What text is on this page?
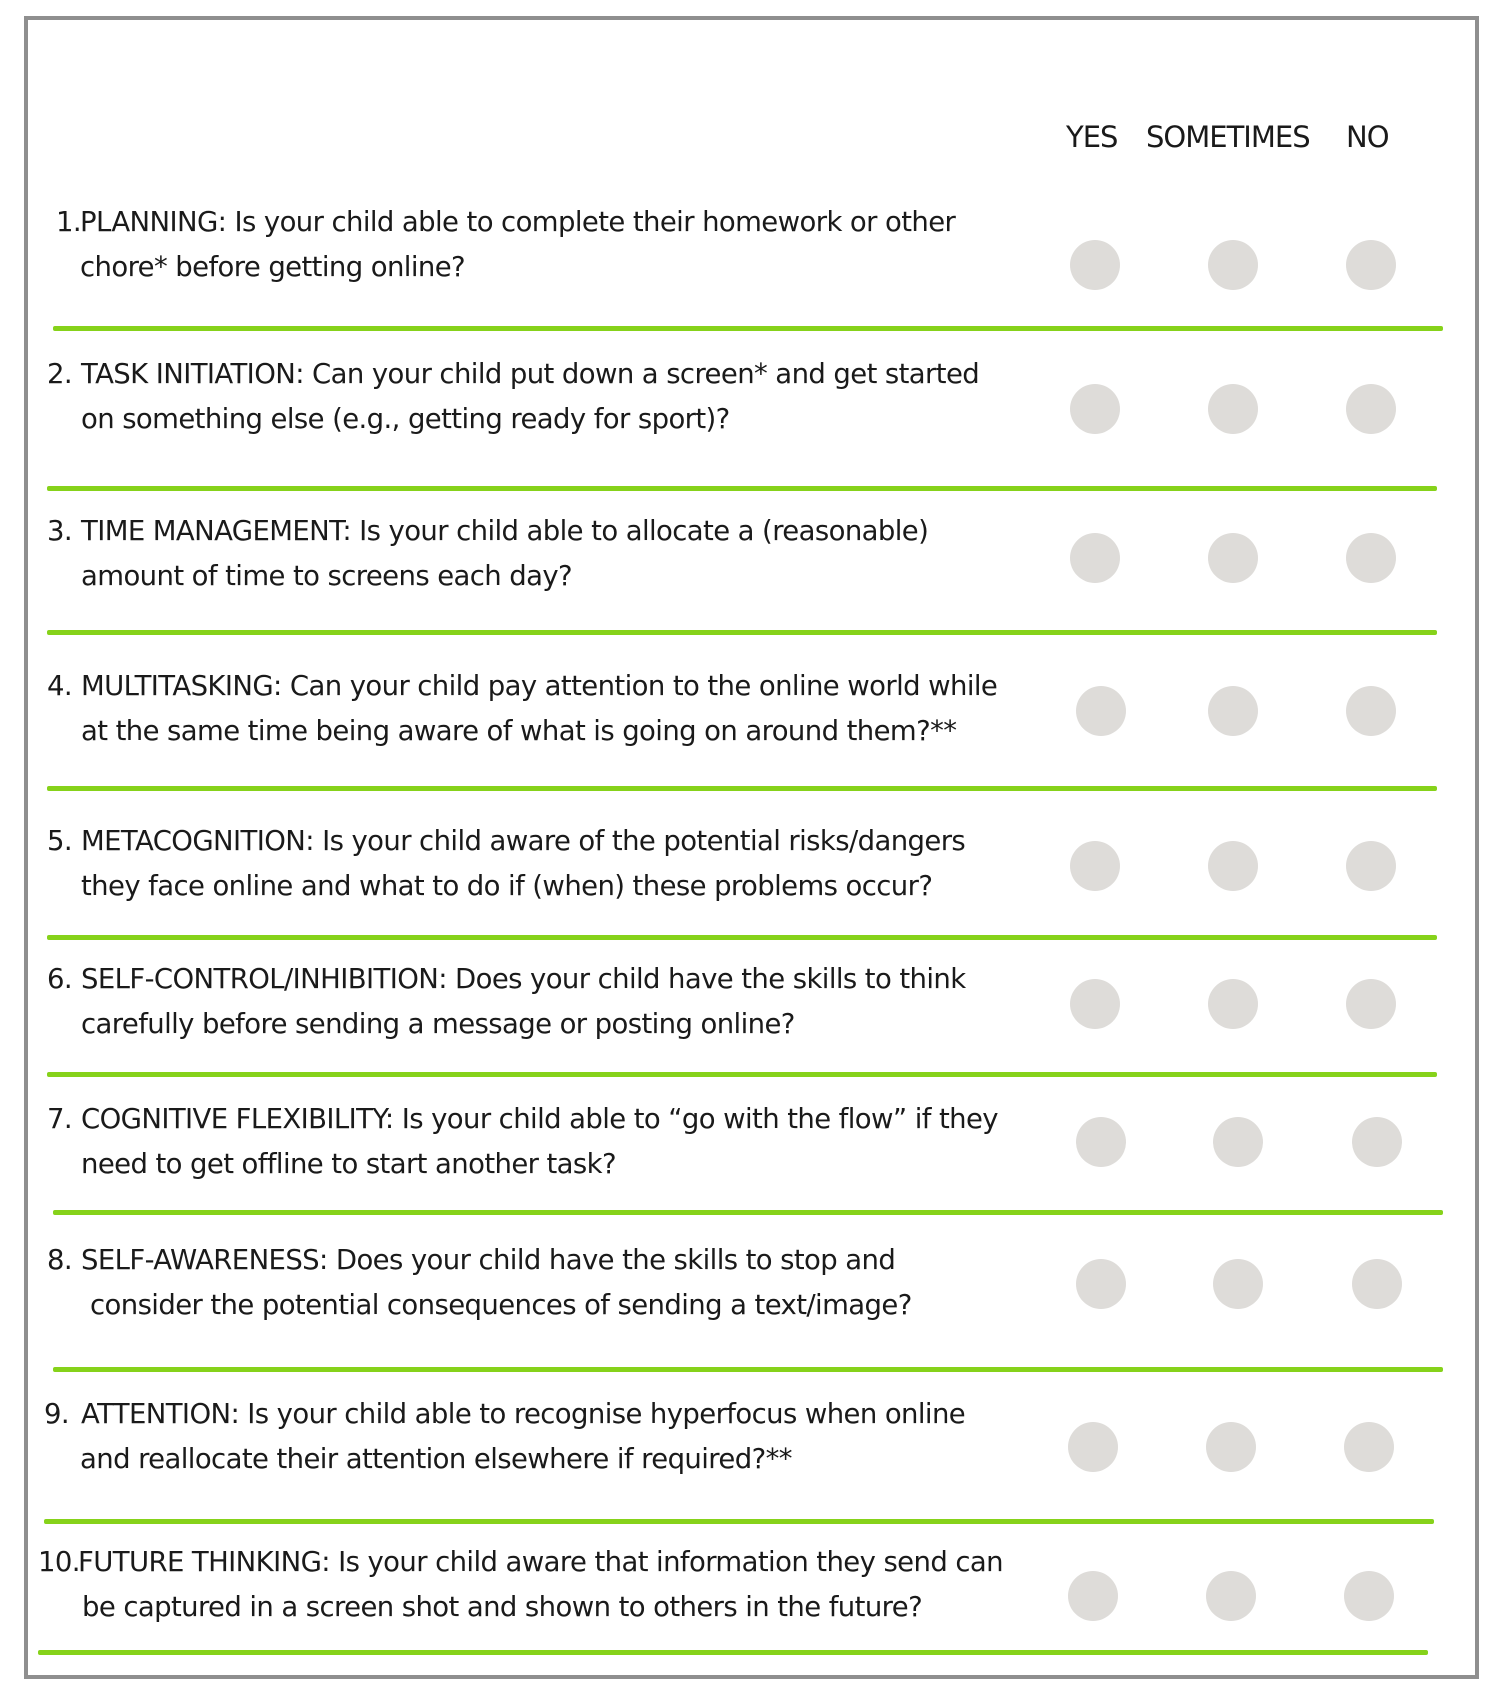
YES SOMETIMES NO
1.PLANNING: Is your child able to complete their homework or other
chore* before getting online?
2. TASK INITIATION: Can your child put down a screen* and get started
on something else (e.g., getting ready for sport)?
3. TIME MANAGEMENT: Is your child able to allocate a (reasonable)
amount of time to screens each day?
4. MULTITASKING: Can your child pay attention to the online world while
at the same time being aware of what is going on around them?**
5. METACOGNITION: Is your child aware of the potential risks/dangers
they face online and what to do if (when) these problems occur?
6. SELF-CONTROL/INHIBITION: Does your child have the skills to think
carefully before sending a message or posting online?
7. COGNITIVE FLEXIBILITY: Is your child able to “go with the flow” if they
need to get offline to start another task?
8. SELF-AWARENESS: Does your child have the skills to stop and
consider the potential consequences of sending a text/image?
9. ATTENTION: Is your child able to recognise hyperfocus when online
and reallocate their attention elsewhere if required?**
10.FUTURE THINKING: Is your child aware that information they send can
be captured in a screen shot and shown to others in the future?
